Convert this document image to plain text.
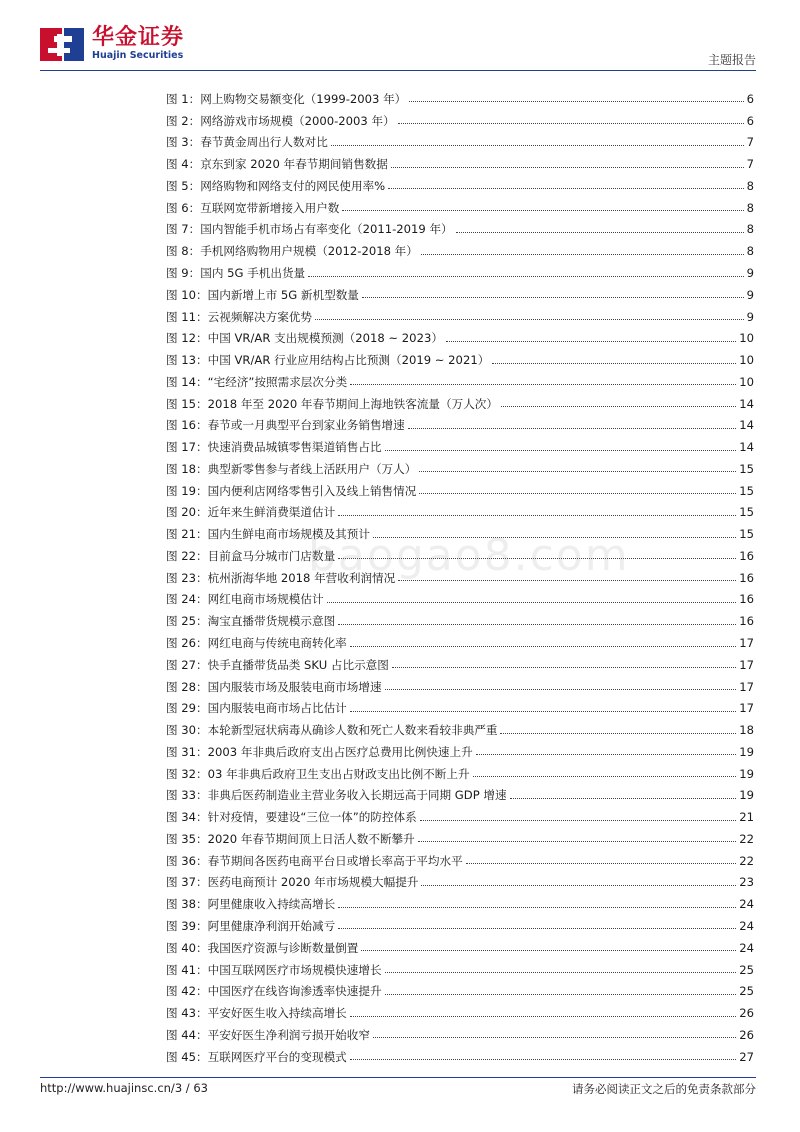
华金证券
Huajin Securities	主题报告
图 1：网上购物交易额变化（1999-2003 年）	6
图 2：网络游戏市场规模（2000-2003 年）	6
图 3：春节黄金周出行人数对比	7
图 4：京东到家 2020 年春节期间销售数据	7
图 5：网络购物和网络支付的网民使用率%	8
图 6：互联网宽带新增接入用户数	8
图 7：国内智能手机市场占有率变化（2011-2019 年）	8
图 8：手机网络购物用户规模（2012-2018 年）	8
图 9：国内 5G 手机出货量	9
图 10：国内新增上市 5G 新机型数量	9
图 11：云视频解决方案优势	9
图 12：中国 VR/AR 支出规模预测（2018 ~ 2023）	10
图 13：中国 VR/AR 行业应用结构占比预测（2019 ~ 2021）	10
图 14：“宅经济”按照需求层次分类	10
图 15：2018 年至 2020 年春节期间上海地铁客流量（万人次）	14
图 16：春节或一月典型平台到家业务销售增速	14
图 17：快速消费品城镇零售渠道销售占比	14
图 18：典型新零售参与者线上活跃用户（万人）	15
图 19：国内便利店网络零售引入及线上销售情况	15
图 20：近年来生鲜消费渠道估计	15
图 21：国内生鲜电商市场规模及其预计	15
图 22：目前盒马分城市门店数量	16
图 23：杭州浙海华地 2018 年营收利润情况	16
图 24：网红电商市场规模估计	16
图 25：淘宝直播带货规模示意图	16
图 26：网红电商与传统电商转化率	17
图 27：快手直播带货品类 SKU 占比示意图	17
图 28：国内服装市场及服装电商市场增速	17
图 29：国内服装电商市场占比估计	17
图 30：本轮新型冠状病毒从确诊人数和死亡人数来看较非典严重	18
图 31：2003 年非典后政府支出占医疗总费用比例快速上升	19
图 32：03 年非典后政府卫生支出占财政支出比例不断上升	19
图 33：非典后医药制造业主营业务收入长期远高于同期 GDP 增速	19
图 34：针对疫情，要建设“三位一体”的防控体系	21
图 35：2020 年春节期间顶上日活人数不断攀升	22
图 36：春节期间各医药电商平台日或增长率高于平均水平	22
图 37：医药电商预计 2020 年市场规模大幅提升	23
图 38：阿里健康收入持续高增长	24
图 39：阿里健康净利润开始减亏	24
图 40：我国医疗资源与诊断数量倒置	24
图 41：中国互联网医疗市场规模快速增长	25
图 42：中国医疗在线咨询渗透率快速提升	25
图 43：平安好医生收入持续高增长	26
图 44：平安好医生净利润亏损开始收窄	26
图 45：互联网医疗平台的变现模式	27
baogao8.com
http://www.huajinsc.cn/3 / 63	请务必阅读正文之后的免责条款部分
